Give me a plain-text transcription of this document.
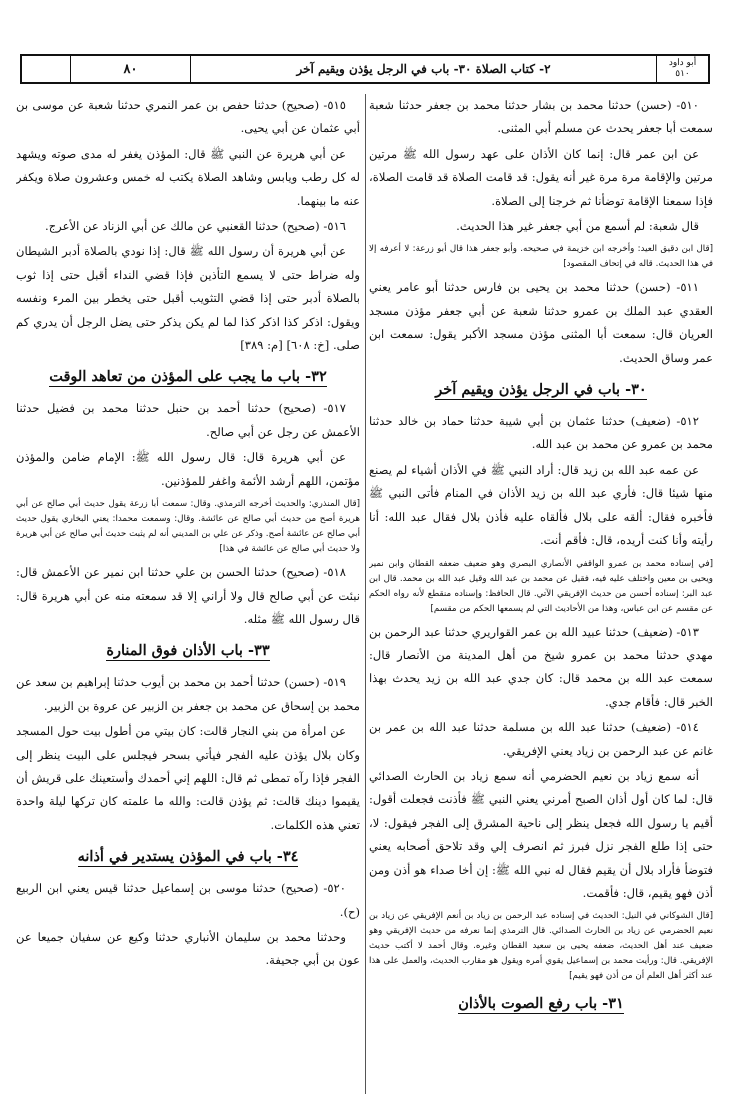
أبو داود
٥١٠
٢- كتاب الصلاة ٣٠- باب في الرجل يؤذن ويقيم آخر
٨٠

٥١٠- (حسن) حدثنا محمد بن بشار حدثنا محمد بن جعفر حدثنا شعبة سمعت أبا جعفر يحدث عن مسلم أبي المثنى.

عن ابن عمر قال: إنما كان الأذان على عهد رسول الله ﷺ مرتين مرتين والإقامة مرة مرة غير أنه يقول: قد قامت الصلاة قد قامت الصلاة، فإذا سمعنا الإقامة توضأنا ثم خرجنا إلى الصلاة.

قال شعبة: لم أسمع من أبي جعفر غير هذا الحديث.

[قال ابن دقيق العيد: وأخرجه ابن خزيمة في صحيحه. وأبو جعفر هذا قال أبو زرعة: لا أعرفه إلا في هذا الحديث. قاله في إتحاف المقصود]

٥١١- (حسن) حدثنا محمد بن يحيى بن فارس حدثنا أبو عامر يعني العقدي عبد الملك بن عمرو حدثنا شعبة عن أبي جعفر مؤذن مسجد العريان قال: سمعت أبا المثنى مؤذن مسجد الأكبر يقول: سمعت ابن عمر وساق الحديث.

٣٠- باب في الرجل يؤذن ويقيم آخر

٥١٢- (ضعيف) حدثنا عثمان بن أبي شيبة حدثنا حماد بن خالد حدثنا محمد بن عمرو عن محمد بن عبد الله.

عن عمه عبد الله بن زيد قال: أراد النبي ﷺ في الأذان أشياء لم يصنع منها شيئا قال: فأري عبد الله بن زيد الأذان في المنام فأتى النبي ﷺ فأخبره فقال: ألقه على بلال فألقاه عليه فأذن بلال فقال عبد الله: أنا رأيته وأنا كنت أريده، قال: فأقم أنت.

[في إسناده محمد بن عمرو الواقفي الأنصاري البصري وهو ضعيف ضعفه القطان وابن نمير ويحيى بن معين واختلف عليه فيه، فقيل عن محمد بن عبد الله وقيل عبد الله بن محمد. قال ابن عبد البر: إسناده أحسن من حديث الإفريقي الآتي. قال الحافظ: وإسناده منقطع لأنه رواه الحكم عن مقسم عن ابن عباس، وهذا من الأحاديث التي لم يسمعها الحكم من مقسم]

٥١٣- (ضعيف) حدثنا عبيد الله بن عمر القواريري حدثنا عبد الرحمن بن مهدي حدثنا محمد بن عمرو شيخ من أهل المدينة من الأنصار قال: سمعت عبد الله بن محمد قال: كان جدي عبد الله بن زيد يحدث بهذا الخبر قال: فأقام جدي.

٥١٤- (ضعيف) حدثنا عبد الله بن مسلمة حدثنا عبد الله بن عمر بن غانم عن عبد الرحمن بن زياد يعني الإفريقي.

أنه سمع زياد بن نعيم الحضرمي أنه سمع زياد بن الحارث الصدائي قال: لما كان أول أذان الصبح أمرني يعني النبي ﷺ فأذنت فجعلت أقول: أقيم يا رسول الله فجعل ينظر إلى ناحية المشرق إلى الفجر فيقول: لا، حتى إذا طلع الفجر نزل فبرز ثم انصرف إلي وقد تلاحق أصحابه يعني فتوضأ فأراد بلال أن يقيم فقال له نبي الله ﷺ: إن أخا صداء هو أذن ومن أذن فهو يقيم، قال: فأقمت.

[قال الشوكاني في النيل: الحديث في إسناده عبد الرحمن بن زياد بن أنعم الإفريقي عن زياد بن نعيم الحضرمي عن زياد بن الحارث الصدائي. قال الترمذي إنما نعرفه من حديث الإفريقي وهو ضعيف عند أهل الحديث، ضعفه يحيى بن سعيد القطان وغيره. وقال أحمد لا أكتب حديث الإفريقي. قال: ورأيت محمد بن إسماعيل يقوي أمره ويقول هو مقارب الحديث، والعمل على هذا عند أكثر أهل العلم أن من أذن فهو يقيم]

٣١- باب رفع الصوت بالأذان

٥١٥- (صحيح) حدثنا حفص بن عمر النمري حدثنا شعبة عن موسى بن أبي عثمان عن أبي يحيى.

عن أبي هريرة عن النبي ﷺ قال: المؤذن يغفر له مدى صوته ويشهد له كل رطب ويابس وشاهد الصلاة يكتب له خمس وعشرون صلاة ويكفر عنه ما بينهما.

٥١٦- (صحيح) حدثنا القعنبي عن مالك عن أبي الزناد عن الأعرج.

عن أبي هريرة أن رسول الله ﷺ قال: إذا نودي بالصلاة أدبر الشيطان وله ضراط حتى لا يسمع التأذين فإذا قضي النداء أقبل حتى إذا ثوب بالصلاة أدبر حتى إذا قضي التثويب أقبل حتى يخطر بين المرء ونفسه ويقول: اذكر كذا اذكر كذا لما لم يكن يذكر حتى يضل الرجل أن يدري كم صلى. [خ: ٦٠٨] [م: ٣٨٩]

٣٢- باب ما يجب على المؤذن من تعاهد الوقت

٥١٧- (صحيح) حدثنا أحمد بن حنبل حدثنا محمد بن فضيل حدثنا الأعمش عن رجل عن أبي صالح.

عن أبي هريرة قال: قال رسول الله ﷺ: الإمام ضامن والمؤذن مؤتمن، اللهم أرشد الأئمة واغفر للمؤذنين.

[قال المنذري: والحديث أخرجه الترمذي. وقال: سمعت أبا زرعة يقول حديث أبي صالح عن أبي هريرة أصح من حديث أبي صالح عن عائشة. وقال: وسمعت محمدا: يعني البخاري يقول حديث أبي صالح عن عائشة أصح. وذكر عن علي بن المديني أنه لم يثبت حديث أبي صالح عن أبي هريرة ولا حديث أبي صالح عن عائشة في هذا]

٥١٨- (صحيح) حدثنا الحسن بن علي حدثنا ابن نمير عن الأعمش قال: نبئت عن أبي صالح قال ولا أراني إلا قد سمعته منه عن أبي هريرة قال: قال رسول الله ﷺ مثله.

٣٣- باب الأذان فوق المنارة

٥١٩- (حسن) حدثنا أحمد بن محمد بن أيوب حدثنا إبراهيم بن سعد عن محمد بن إسحاق عن محمد بن جعفر بن الزبير عن عروة بن الزبير.

عن امرأة من بني النجار قالت: كان بيتي من أطول بيت حول المسجد وكان بلال يؤذن عليه الفجر فيأتي بسحر فيجلس على البيت ينظر إلى الفجر فإذا رآه تمطى ثم قال: اللهم إني أحمدك وأستعينك على قريش أن يقيموا دينك قالت: ثم يؤذن قالت: والله ما علمته كان تركها ليلة واحدة تعني هذه الكلمات.

٣٤- باب في المؤذن يستدير في أذانه

٥٢٠- (صحيح) حدثنا موسى بن إسماعيل حدثنا قيس يعني ابن الربيع (ح).

وحدثنا محمد بن سليمان الأنباري حدثنا وكيع عن سفيان جميعا عن عون بن أبي جحيفة.
